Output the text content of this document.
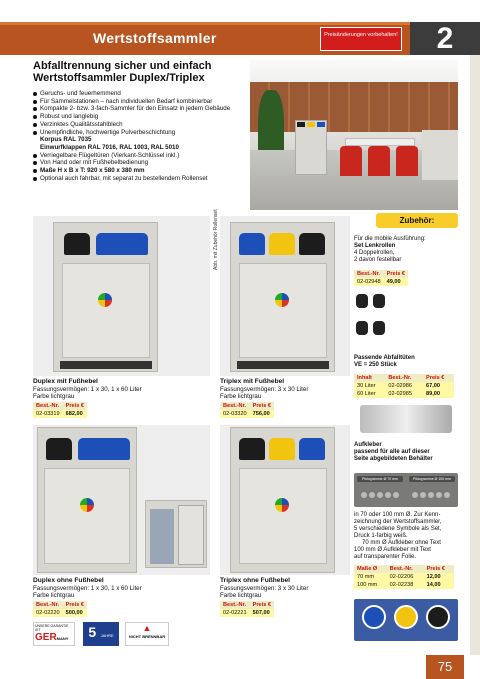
Wertstoffsammler	Preisänderungen vorbehalten!	2
Abfalltrennung sicher und einfach
Wertstoffsammler Duplex/Triplex
Geruchs- und feuerhemmend
Für Sammelstationen – nach individuellen Bedarf kombinierbar
Kompakte 2- bzw. 3-fach-Sammler für den Einsatz in jedem Gebäude
Robust und langlebig
Verzinktes Qualitätsstahlblech
Unempfindliche, hochwertige Pulverbeschichtung
Korpus RAL 7035
Einwurfklappen RAL 7016, RAL 1003, RAL 5010
Verriegelbare Flügeltüren (Vierkant-Schlüssel inkl.)
Von Hand oder mit Fußhebelbedienung
Maße H x B x T: 920 x 580 x 380 mm
Optional auch fahrbar, mit separat zu bestellendem Rollenset
Duplex mit Fußhebel
Fassungsvermögen: 1 x 30, 1 x 60 Liter
Farbe lichtgrau
Best.-Nr.	Preis €
02-03319	682,00
Abb. mit Zubehör Rollenset
Triplex mit Fußhebel
Fassungsvermögen: 3 x 30 Liter
Farbe lichtgrau
Best.-Nr.	Preis €
02-03320	756,00
Duplex ohne Fußhebel
Fassungsvermögen: 1 x 30, 1 x 60 Liter
Farbe lichtgrau
Best.-Nr.	Preis €
02-02220	500,00
Triplex ohne Fußhebel
Fassungsvermögen: 3 x 30 Liter
Farbe lichtgrau
Best.-Nr.	Preis €
02-02221	507,00
Zubehör:
Für die mobile Ausführung:
Set Lenkrollen
4 Doppelrollen,
2 davon festellbar
Best.-Nr.	Preis €
02-02948	49,00
Passende Abfalltüten
VE = 250 Stück
Inhalt	Best.-Nr.	Preis €
30 Liter	02-02986	67,00
60 Liter	02-02985	89,00
Aufkleber
passend für alle auf dieser
Seite abgebildeten Behälter
Piktogramme Ø 70 mm	Piktogramme Ø 100 mm
in 70 oder 100 mm Ø. Zur Kenn-
zeichnung der Wertstoffsammler,
5 verschiedene Symbole als Set,
Druck 1-farbig weiß.
70 mm Ø Aufkleber ohne Text
100 mm Ø Aufkleber mit Text
auf transparenter Folie.
Maße Ø	Best.-Nr.	Preis €
70 mm	02-02206	12,00
100 mm	02-02238	14,00
UNSERE GARANTIE IST
GERMANY	5 JAHRE
▲
NICHT BRENNBAR
75
